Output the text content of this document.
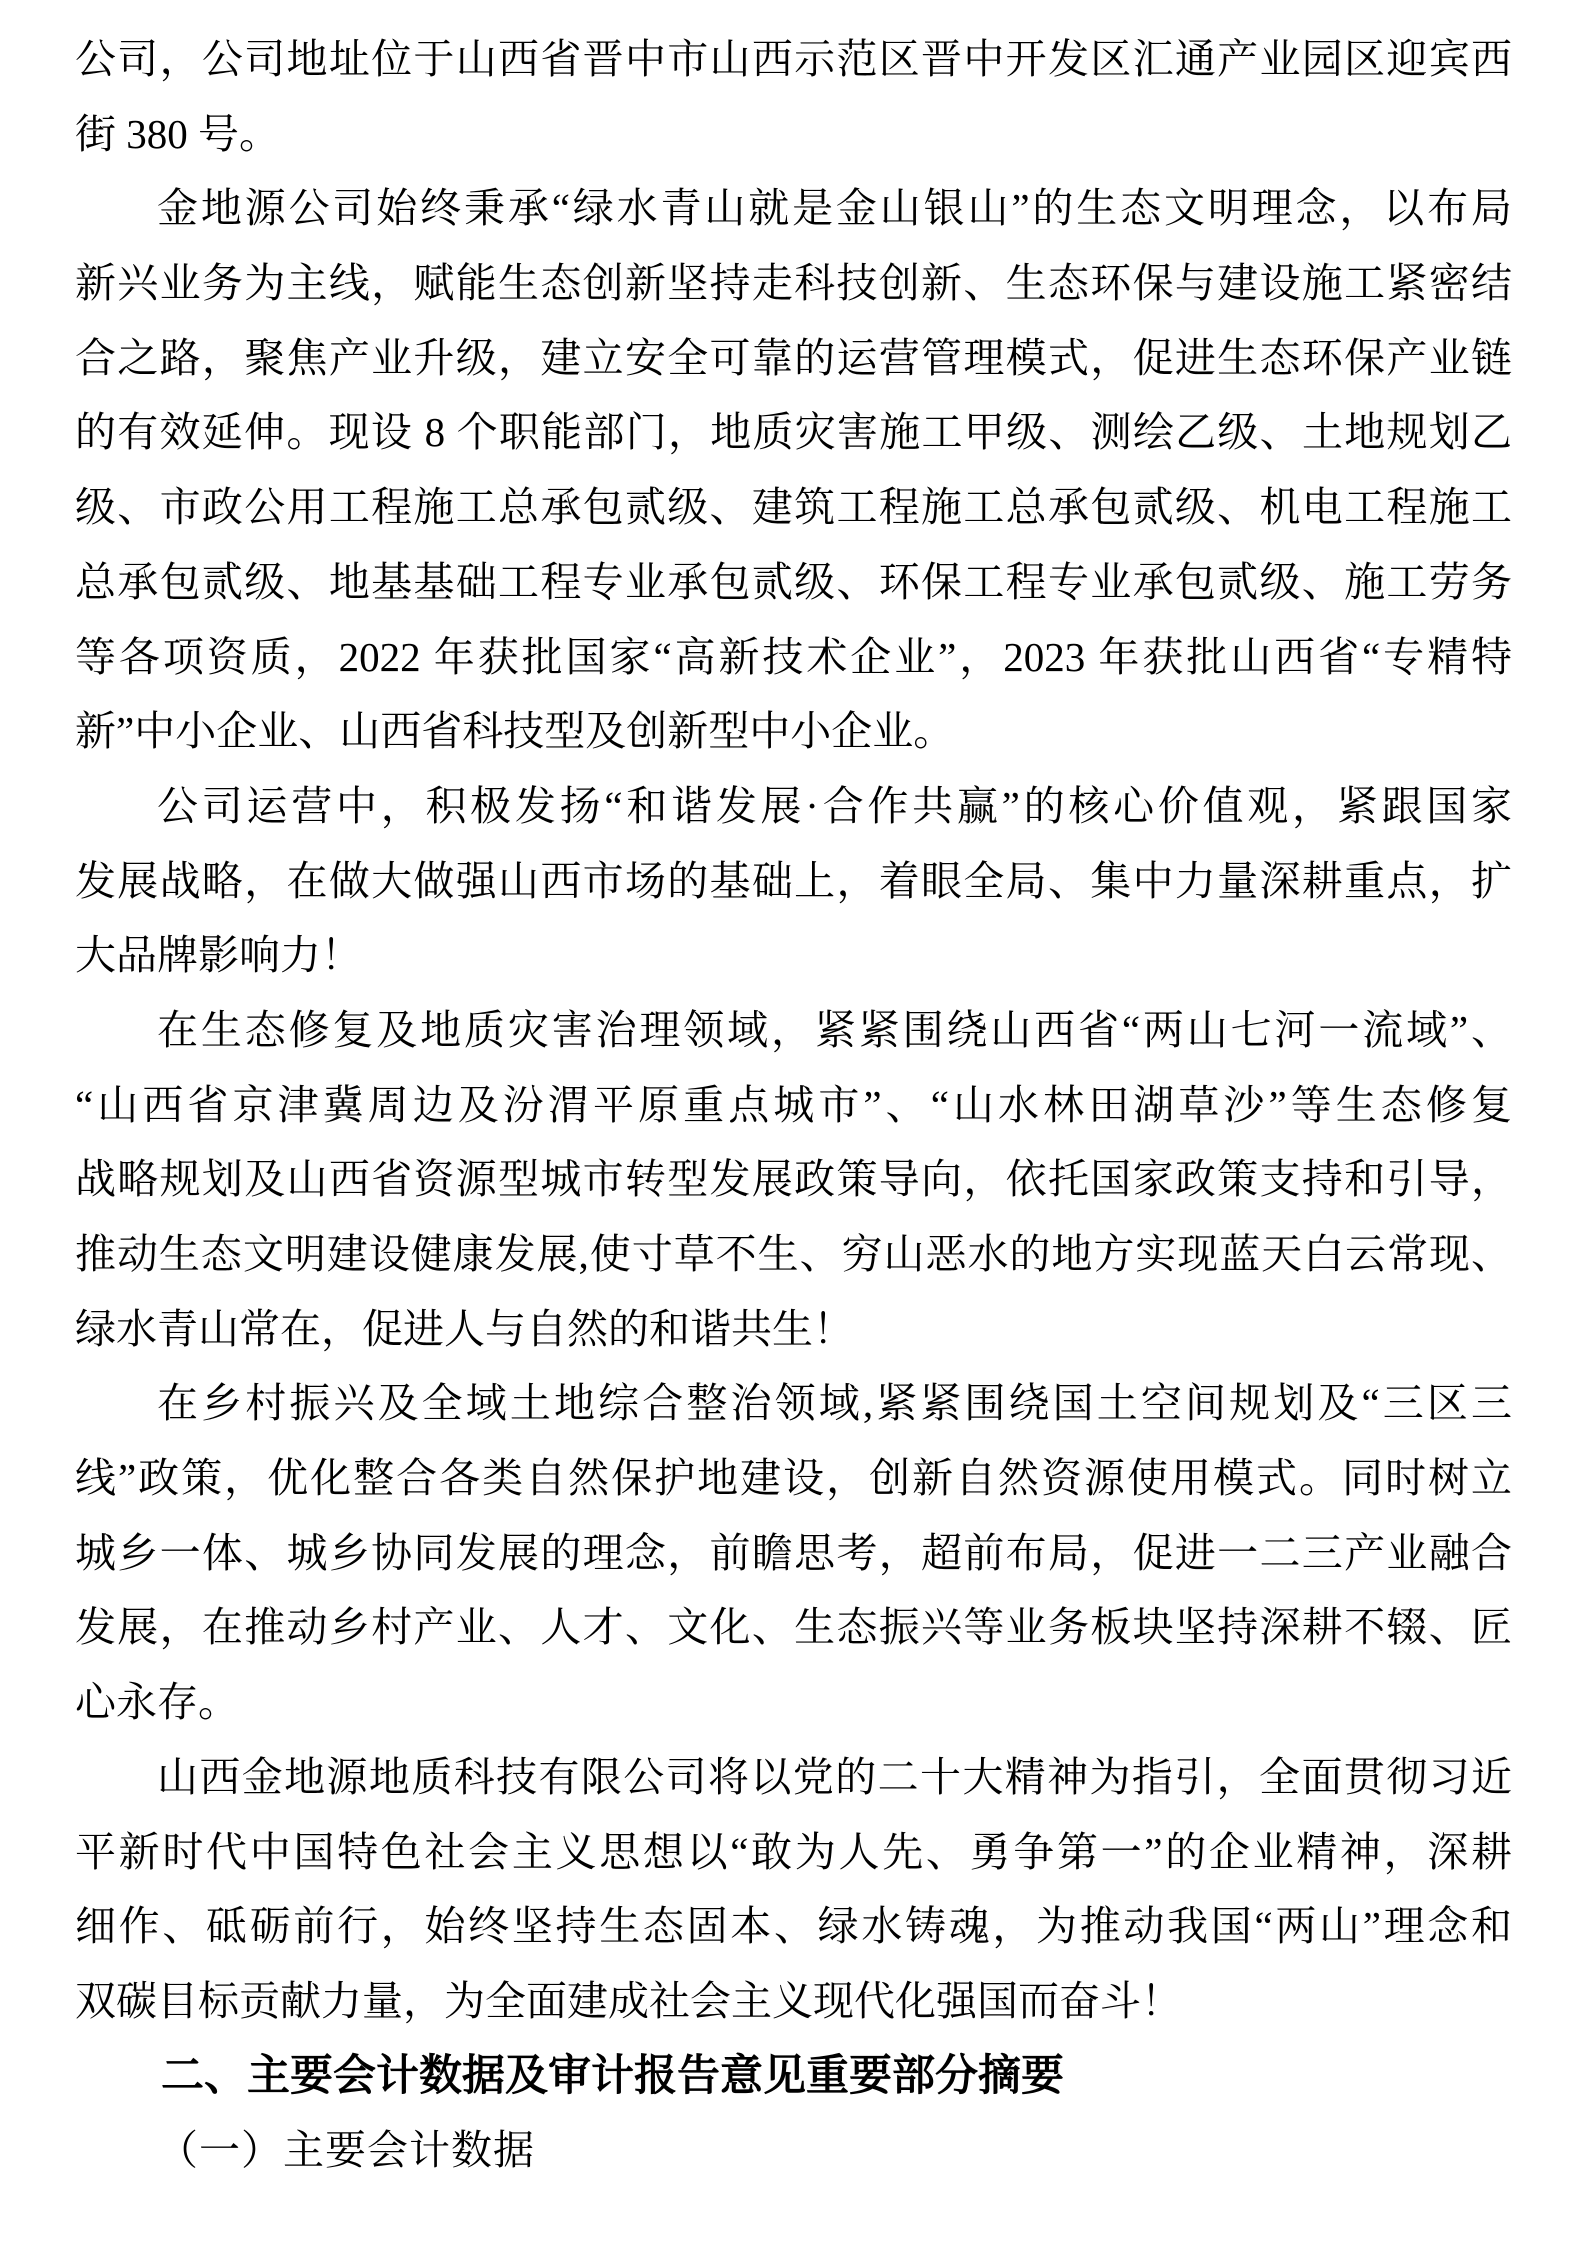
公司，公司地址位于山西省晋中市山西示范区晋中开发区汇通产业园区迎宾西
街 380 号。
金地源公司始终秉承“绿水青山就是金山银山”的生态文明理念，以布局
新兴业务为主线，赋能生态创新坚持走科技创新、生态环保与建设施工紧密结
合之路，聚焦产业升级，建立安全可靠的运营管理模式，促进生态环保产业链
的有效延伸。现设 8 个职能部门，地质灾害施工甲级、测绘乙级、土地规划乙
级、市政公用工程施工总承包贰级、建筑工程施工总承包贰级、机电工程施工
总承包贰级、地基基础工程专业承包贰级、环保工程专业承包贰级、施工劳务
等各项资质，2022 年获批国家“高新技术企业”，2023 年获批山西省“专精特
新”中小企业、山西省科技型及创新型中小企业。
公司运营中，积极发扬“和谐发展·合作共赢”的核心价值观，紧跟国家
发展战略，在做大做强山西市场的基础上，着眼全局、集中力量深耕重点，扩
大品牌影响力！
在生态修复及地质灾害治理领域，紧紧围绕山西省“两山七河一流域”、
“山西省京津冀周边及汾渭平原重点城市”、“山水林田湖草沙”等生态修复
战略规划及山西省资源型城市转型发展政策导向，依托国家政策支持和引导，
推动生态文明建设健康发展,使寸草不生、穷山恶水的地方实现蓝天白云常现、
绿水青山常在，促进人与自然的和谐共生！
在乡村振兴及全域土地综合整治领域,紧紧围绕国土空间规划及“三区三
线”政策，优化整合各类自然保护地建设，创新自然资源使用模式。同时树立
城乡一体、城乡协同发展的理念，前瞻思考，超前布局，促进一二三产业融合
发展，在推动乡村产业、人才、文化、生态振兴等业务板块坚持深耕不辍、匠
心永存。
山西金地源地质科技有限公司将以党的二十大精神为指引，全面贯彻习近
平新时代中国特色社会主义思想以“敢为人先、勇争第一”的企业精神，深耕
细作、砥砺前行，始终坚持生态固本、绿水铸魂，为推动我国“两山”理念和
双碳目标贡献力量，为全面建成社会主义现代化强国而奋斗！
二、主要会计数据及审计报告意见重要部分摘要
（一）主要会计数据
